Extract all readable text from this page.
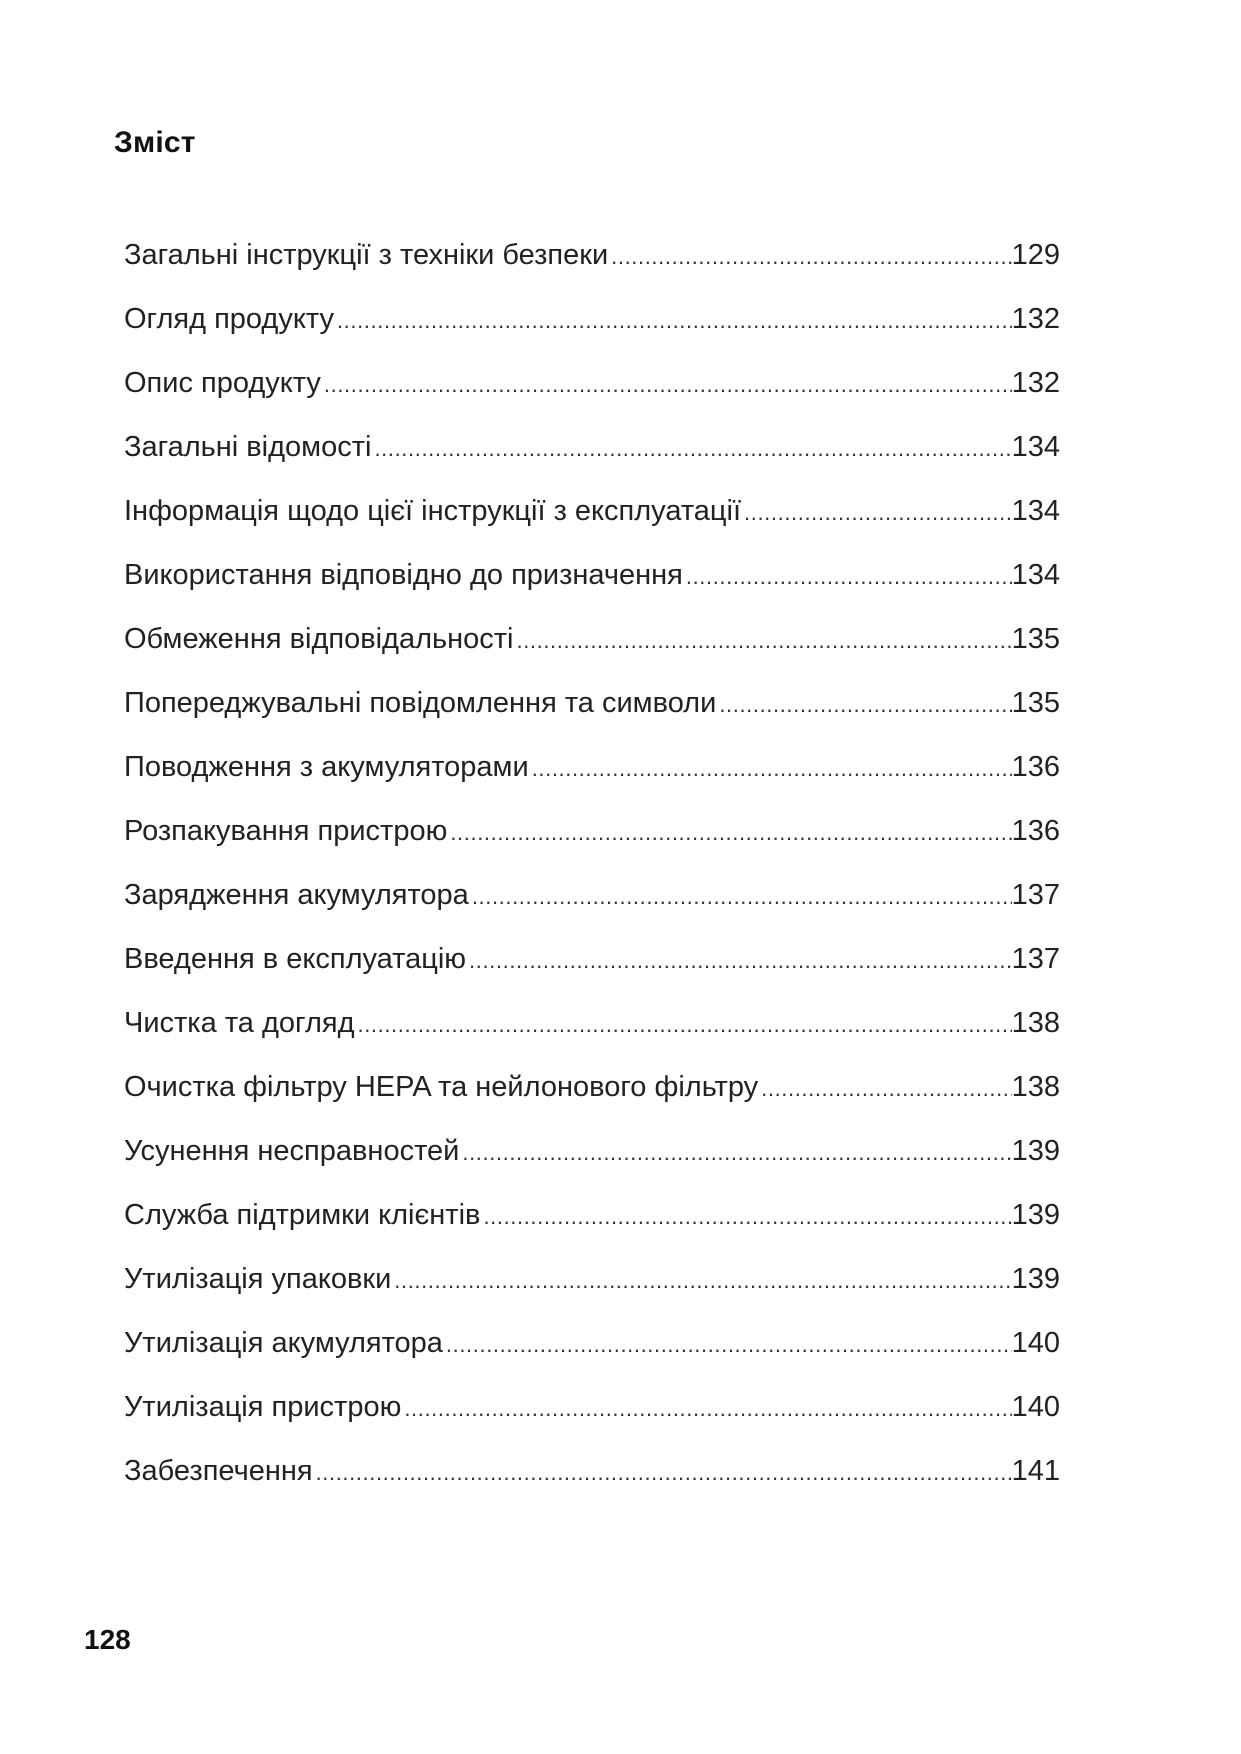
Зміст
Загальні інструкції з техніки безпеки .....	129
Огляд продукту .....	132
Опис продукту .....	132
Загальні відомості .....	134
Інформація щодо цієї інструкції з експлуатації .....	134
Використання відповідно до призначення .....	134
Обмеження відповідальності .....	135
Попереджувальні повідомлення та символи .....	135
Поводження з акумуляторами .....	136
Розпакування пристрою .....	136
Зарядження акумулятора .....	137
Введення в експлуатацію .....	137
Чистка та догляд .....	138
Очистка фільтру HEPA та нейлонового фільтру .....	138
Усунення несправностей .....	139
Служба підтримки клієнтів .....	139
Утилізація упаковки .....	139
Утилізація акумулятора .....	140
Утилізація пристрою .....	140
Забезпечення .....	141
128
